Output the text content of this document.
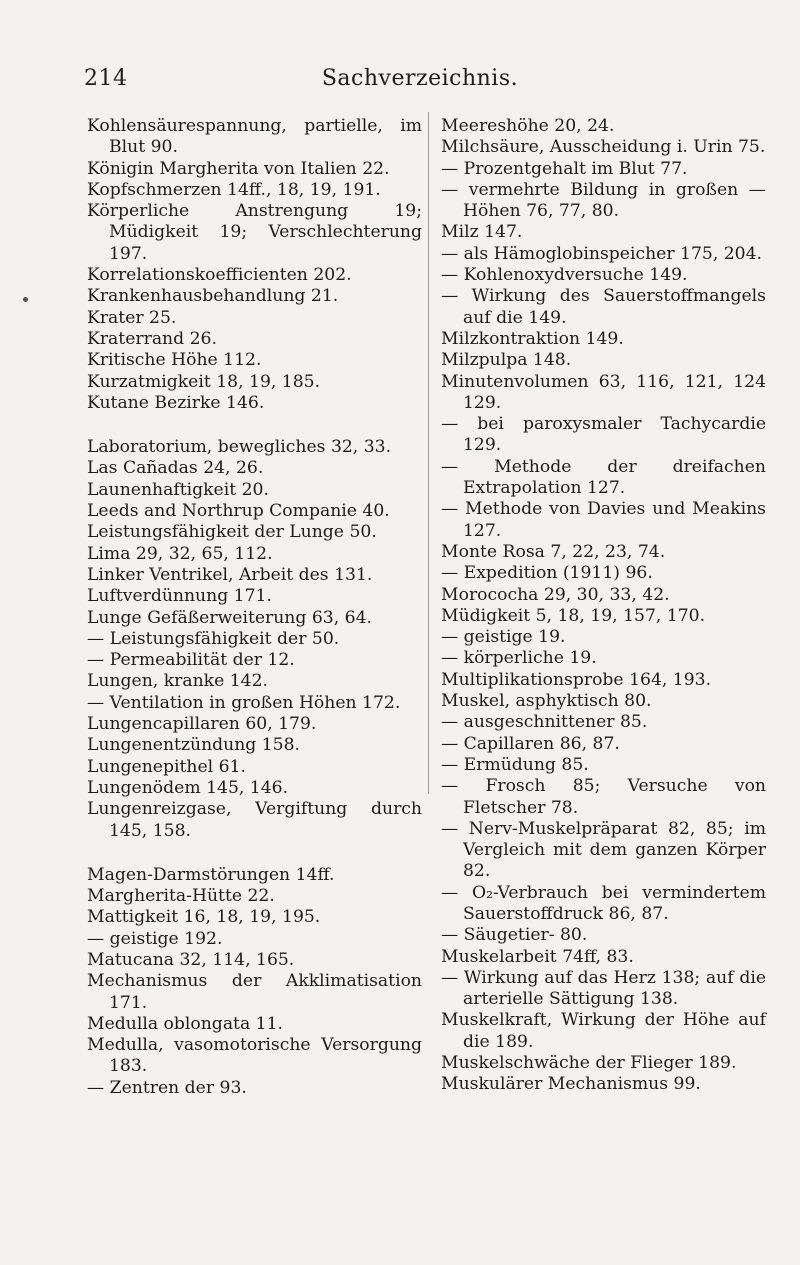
214	Sachverzeichnis.
Kohlensäurespannung, partielle, im Blut 90.
Königin Margherita von Italien 22.
Kopfschmerzen 14ff., 18, 19, 191.
Körperliche Anstrengung 19; Müdigkeit 19; Verschlechterung 197.
Korrelationskoefficienten 202.
Krankenhausbehandlung 21.
Krater 25.
Kraterrand 26.
Kritische Höhe 112.
Kurzatmigkeit 18, 19, 185.
Kutane Bezirke 146.
Laboratorium, bewegliches 32, 33.
Las Cañadas 24, 26.
Launenhaftigkeit 20.
Leeds and Northrup Companie 40.
Leistungsfähigkeit der Lunge 50.
Lima 29, 32, 65, 112.
Linker Ventrikel, Arbeit des 131.
Luftverdünnung 171.
Lunge Gefäßerweiterung 63, 64.
— Leistungsfähigkeit der 50.
— Permeabilität der 12.
Lungen, kranke 142.
— Ventilation in großen Höhen 172.
Lungencapillaren 60, 179.
Lungenentzündung 158.
Lungenepithel 61.
Lungenödem 145, 146.
Lungenreizgase, Vergiftung durch 145, 158.
Magen-Darmstörungen 14ff.
Margherita-Hütte 22.
Mattigkeit 16, 18, 19, 195.
— geistige 192.
Matucana 32, 114, 165.
Mechanismus der Akklimatisation 171.
Medulla oblongata 11.
Medulla, vasomotorische Versorgung 183.
— Zentren der 93.
Meereshöhe 20, 24.
Milchsäure, Ausscheidung i. Urin 75.
— Prozentgehalt im Blut 77.
— vermehrte Bildung in großen — Höhen 76, 77, 80.
Milz 147.
— als Hämoglobinspeicher 175, 204.
— Kohlenoxydversuche 149.
— Wirkung des Sauerstoffmangels auf die 149.
Milzkontraktion 149.
Milzpulpa 148.
Minutenvolumen 63, 116, 121, 124 129.
— bei paroxysmaler Tachycardie 129.
— Methode der dreifachen Extrapolation 127.
— Methode von Davies und Meakins 127.
Monte Rosa 7, 22, 23, 74.
— Expedition (1911) 96.
Morococha 29, 30, 33, 42.
Müdigkeit 5, 18, 19, 157, 170.
— geistige 19.
— körperliche 19.
Multiplikationsprobe 164, 193.
Muskel, asphyktisch 80.
— ausgeschnittener 85.
— Capillaren 86, 87.
— Ermüdung 85.
— Frosch 85; Versuche von Fletscher 78.
— Nerv-Muskelpräparat 82, 85; im Vergleich mit dem ganzen Körper 82.
— O₂-Verbrauch bei vermindertem Sauerstoffdruck 86, 87.
— Säugetier- 80.
Muskelarbeit 74ff, 83.
— Wirkung auf das Herz 138; auf die arterielle Sättigung 138.
Muskelkraft, Wirkung der Höhe auf die 189.
Muskelschwäche der Flieger 189.
Muskulärer Mechanismus 99.
